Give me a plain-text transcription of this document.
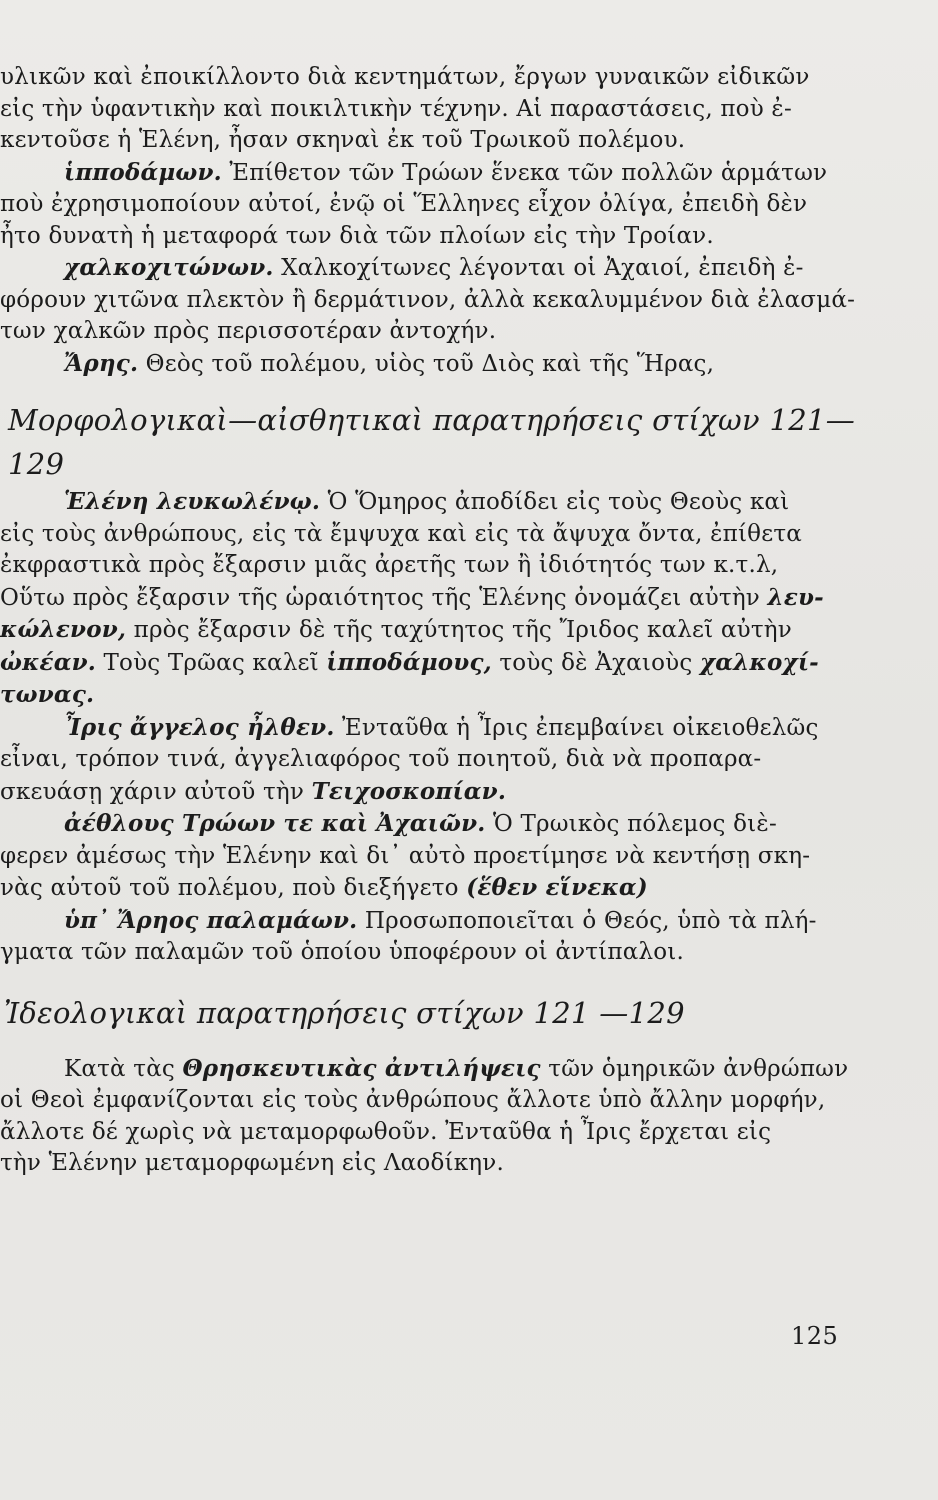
υλικῶν καὶ ἐποικίλλοντο διὰ κεντημάτων, ἔργων γυναικῶν εἰδικῶν

εἰς τὴν ὑφαντικὴν καὶ ποικιλτικὴν τέχνην. Αἱ παραστάσεις, ποὺ ἐ-

κεντοῦσε ἡ Ἑλένη, ἦσαν σκηναὶ ἐκ τοῦ Τρωικοῦ πολέμου.

ἱπποδάμων. Ἐπίθετον τῶν Τρώων ἕνεκα τῶν πολλῶν ἁρμάτων

ποὺ ἐχρησιμοποίουν αὐτοί, ἐνῷ οἱ Ἕλληνες εἶχον ὀλίγα, ἐπειδὴ δὲν

ἦτο δυνατὴ ἡ μεταφορά των διὰ τῶν πλοίων εἰς τὴν Τροίαν.

χαλκοχιτώνων. Χαλκοχίτωνες λέγονται οἱ Ἀχαιοί, ἐπειδὴ ἐ-

φόρουν χιτῶνα πλεκτὸν ἢ δερμάτινον, ἀλλὰ κεκαλυμμένον διὰ ἐλασμά-

των χαλκῶν πρὸς περισσοτέραν ἀντοχήν.

Ἄρης. Θεὸς τοῦ πολέμου, υἱὸς τοῦ Διὸς καὶ τῆς Ἥρας,

Μορφολογικαὶ—αἰσθητικαὶ παρατηρήσεις στίχων 121—129

Ἑλένη λευκωλένῳ. Ὁ Ὅμηρος ἀποδίδει εἰς τοὺς Θεοὺς καὶ

εἰς τοὺς ἀνθρώπους, εἰς τὰ ἔμψυχα καὶ εἰς τὰ ἄψυχα ὄντα, ἐπίθετα

ἐκφραστικὰ πρὸς ἔξαρσιν μιᾶς ἀρετῆς των ἢ ἰδιότητός των κ.τ.λ,

Οὕτω πρὸς ἔξαρσιν τῆς ὡραιότητος τῆς Ἑλένης ὀνομάζει αὐτὴν λευ-

κώλενον, πρὸς ἔξαρσιν δὲ τῆς ταχύτητος τῆς Ἴριδος καλεῖ αὐτὴν

ὠκέαν. Τοὺς Τρῶας καλεῖ ἱπποδάμους, τοὺς δὲ Ἀχαιοὺς χαλκοχί-

τωνας.

Ἶρις ἄγγελος ἦλθεν. Ἐνταῦθα ἡ Ἶρις ἐπεμβαίνει οἰκειοθελῶς

εἶναι, τρόπον τινά, ἀγγελιαφόρος τοῦ ποιητοῦ, διὰ νὰ προπαρα-

σκευάσῃ χάριν αὐτοῦ τὴν Τειχοσκοπίαν.

ἀέθλους Τρώων τε καὶ Ἀχαιῶν. Ὁ Τρωικὸς πόλεμος διὲ-

φερεν ἀμέσως τὴν Ἑλένην καὶ δι᾽ αὐτὸ προετίμησε νὰ κεντήσῃ σκη-

νὰς αὐτοῦ τοῦ πολέμου, ποὺ διεξήγετο (ἕθεν εἵνεκα)

ὑπ᾽ Ἄρηος παλαμάων. Προσωποποιεῖται ὁ Θεός, ὑπὸ τὰ πλή-

γματα τῶν παλαμῶν τοῦ ὁποίου ὑποφέρουν οἱ ἀντίπαλοι.

Ἰδεολογικαὶ παρατηρήσεις στίχων 121 —129

Κατὰ τὰς Θρησκευτικὰς ἀντιλήψεις τῶν ὁμηρικῶν ἀνθρώπων

οἱ Θεοὶ ἐμφανίζονται εἰς τοὺς ἀνθρώπους ἄλλοτε ὑπὸ ἄλλην μορφήν,

ἄλλοτε δέ χωρὶς νὰ μεταμορφωθοῦν. Ἐνταῦθα ἡ Ἶρις ἔρχεται εἰς

τὴν Ἑλένην μεταμορφωμένη εἰς Λαοδίκην.

125
